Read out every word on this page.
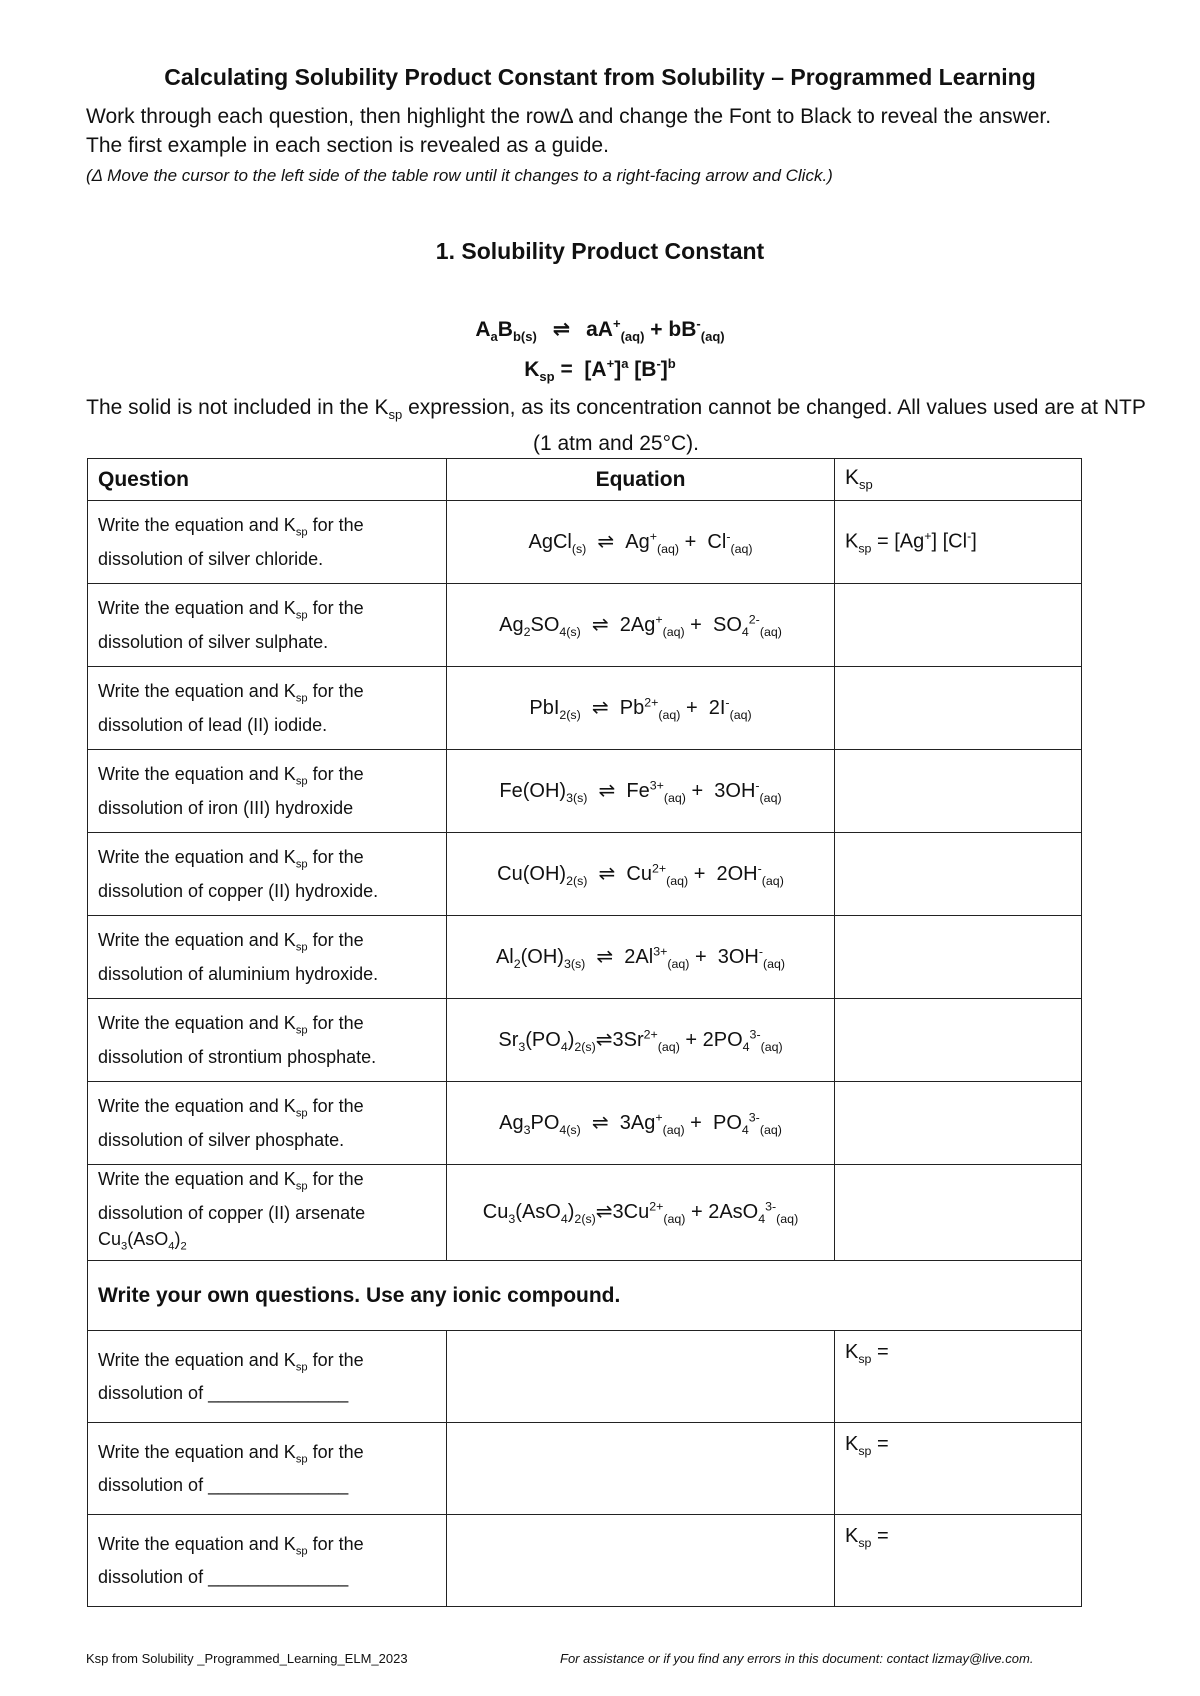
Calculating Solubility Product Constant from Solubility – Programmed Learning
Work through each question, then highlight the rowΔ and change the Font to Black to reveal the answer.
The first example in each section is revealed as a guide.
(Δ Move the cursor to the left side of the table row until it changes to a right-facing arrow and Click.)
1. Solubility Product Constant
$A_aB_{b(s)}$ ⇌ $aA^+_{(aq)} + bB^-_{(aq)}$
$K_{sp} = [A^+]^a$ $[B^-]^b$
The solid is not included in the $K_{sp}$ expression, as its concentration cannot be changed. All values used are at NTP (1 atm and 25°C).
Question	Equation	$K_{sp}$

Write the equation and $K_{sp}$ for the
dissolution of silver chloride.	AgCl$_{(s)}$  ⇌  $Ag^+_{(aq)} + Cl^-_{(aq)}$	$K_{sp} = [Ag^+]$ [Cl-]

Write the equation and $K_{sp}$ for the
dissolution of silver sulphate.	$Ag_2SO_{4(s)}$  ⇌  $2Ag^+_{(aq)} + SO_4^{2-}_{(aq)}$	

Write the equation and $K_{sp}$ for the
dissolution of lead (II) iodide.	PbI$_{2(s)}$  ⇌  $Pb^{2+}_{(aq)} + 2I^-_{(aq)}$	

Write the equation and $K_{sp}$ for the
dissolution of iron (III) hydroxide	$Fe(OH)_{3(s)}$  ⇌  $Fe^{3+}_{(aq)} + 3OH^-_{(aq)}$	

Write the equation and $K_{sp}$ for the
dissolution of copper (II) hydroxide.	$Cu(OH)_{2(s)}$  ⇌  $Cu^{2+}_{(aq)} + 2OH^-_{(aq)}$	

Write the equation and $K_{sp}$ for the
dissolution of aluminium hydroxide.	$Al_2(OH)_{3(s)}$  ⇌  $2Al^{3+}_{(aq)} + 3OH^-_{(aq)}$	

Write the equation and $K_{sp}$ for the
dissolution of strontium phosphate.	$Sr_3(PO_4)_{2(s)}\rightleftharpoons 3Sr^{2+}_{(aq)} + 2PO_4^{3-}_{(aq)}$	

Write the equation and $K_{sp}$ for the
dissolution of silver phosphate.	$Ag_3PO_{4(s)}$  ⇌  $3Ag^+_{(aq)} + PO_4^{3-}_{(aq)}$	

Write the equation and $K_{sp}$ for the
dissolution of copper (II) arsenate
$Cu_3(AsO_4)_2$	$Cu_3(AsO_4)_{2(s)}\rightleftharpoons 3Cu^{2+}_{(aq)} + 2AsO_4^{3-}_{(aq)}$	
Write your own questions. Use any ionic compound.		

Write the equation and $K_{sp}$ for the
dissolution of ______________		$K_{sp}$ =

Write the equation and $K_{sp}$ for the
dissolution of ______________		$K_{sp}$ =

Write the equation and $K_{sp}$ for the
dissolution of ______________		$K_{sp}$ =
Ksp from Solubility _Programmed_Learning_ELM_2023	For assistance or if you find any errors in this document: contact lizmay@live.com.
